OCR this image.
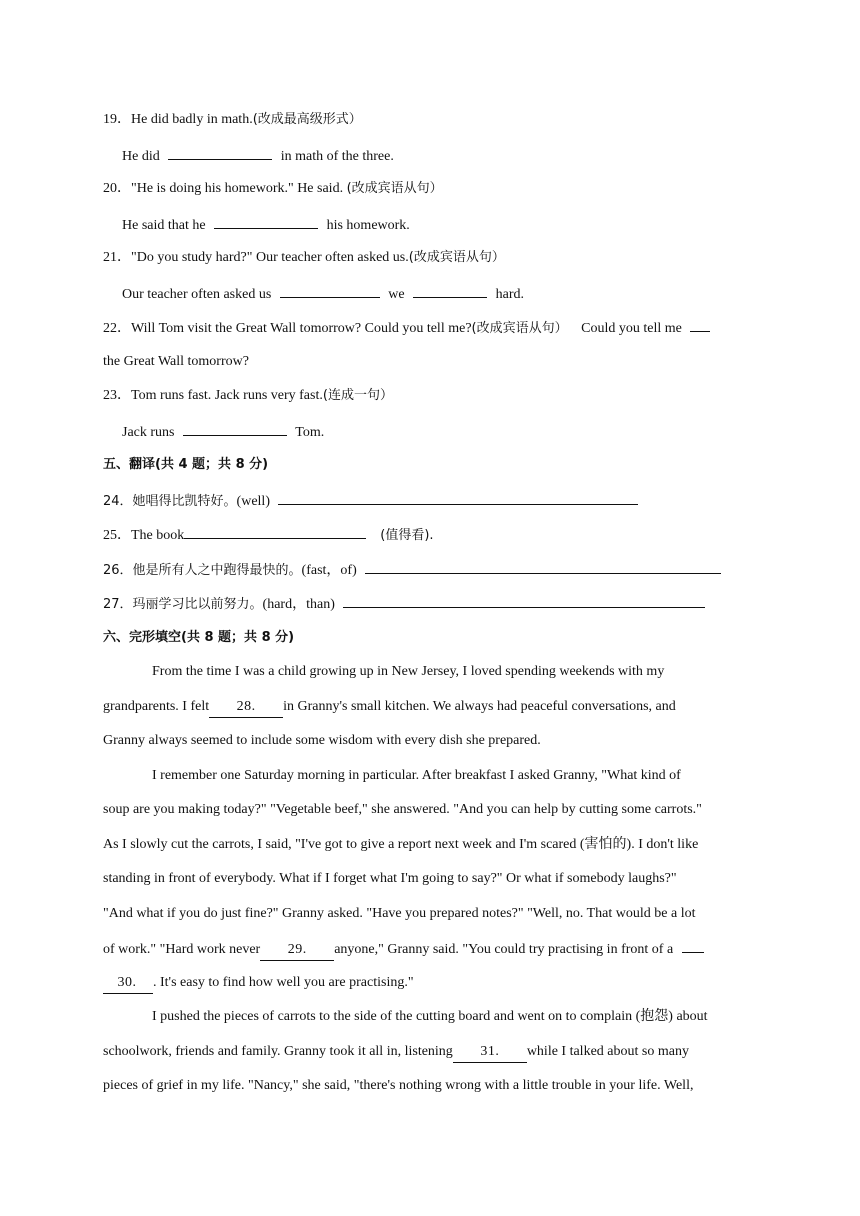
19．He did badly in math.(改成最高级形式）
He did	in math of the three.
20．"He is doing his homework." He said. (改成宾语从句）
He said that he	his homework.
21．"Do you study hard?" Our teacher often asked us.(改成宾语从句）
Our teacher often asked us	we	hard.
22．Will Tom visit the Great Wall tomorrow? Could you tell me?(改成宾语从句） Could you tell me
the Great Wall tomorrow?
23．Tom runs fast. Jack runs very fast.(连成一句）
Jack runs	Tom.
五、翻译(共 4 题；共 8 分)
24．她唱得比凯特好。(well)
25．The book	(值得看).
26．他是所有人之中跑得最快的。(fast，of)
27．玛丽学习比以前努力。(hard，than)
六、完形填空(共 8 题；共 8 分)
From the time I was a child growing up in New Jersey, I loved spending weekends with my
grandparents. I felt 28. in Granny's small kitchen. We always had peaceful conversations, and
Granny always seemed to include some wisdom with every dish she prepared.
I remember one Saturday morning in particular. After breakfast I asked Granny, "What kind of
soup are you making today?" "Vegetable beef," she answered. "And you can help by cutting some carrots."
As I slowly cut the carrots, I said, "I've got to give a report next week and I'm scared (害怕的). I don't like
standing in front of everybody. What if I forget what I'm going to say?" Or what if somebody laughs?"
"And what if you do just fine?" Granny asked. "Have you prepared notes?" "Well, no. That would be a lot
of work." "Hard work never 29. anyone," Granny said. "You could try practising in front of a
30. . It's easy to find how well you are practising."
I pushed the pieces of carrots to the side of the cutting board and went on to complain (抱怨) about
schoolwork, friends and family. Granny took it all in, listening 31. while I talked about so many
pieces of grief in my life. "Nancy," she said, "there's nothing wrong with a little trouble in your life. Well,
